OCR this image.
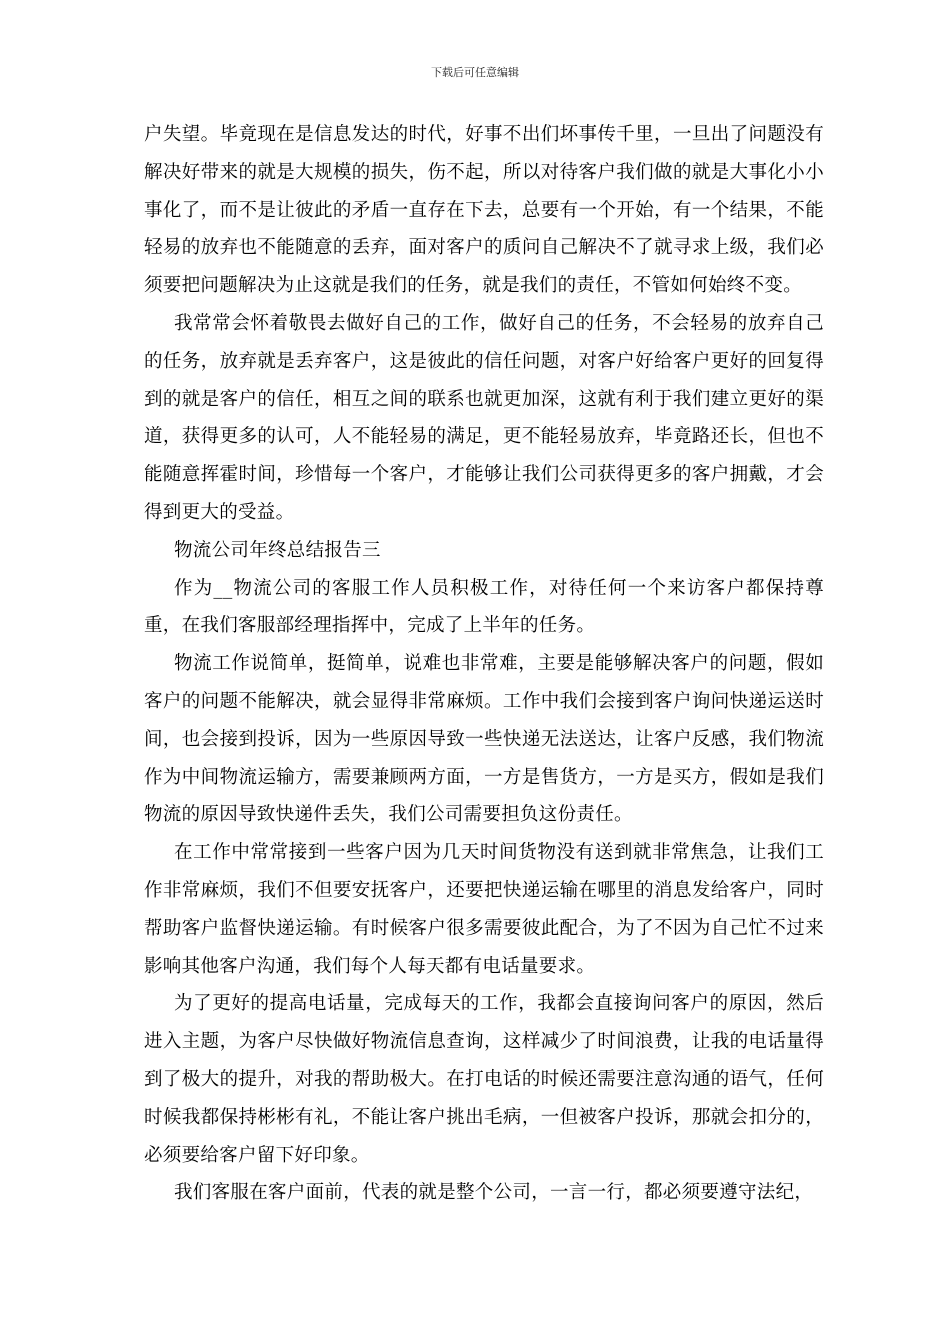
下载后可任意编辑

户失望。毕竟现在是信息发达的时代，好事不出们坏事传千里，一旦出了问题没有解决好带来的就是大规模的损失，伤不起，所以对待客户我们做的就是大事化小小事化了，而不是让彼此的矛盾一直存在下去，总要有一个开始，有一个结果，不能轻易的放弃也不能随意的丢弃，面对客户的质问自己解决不了就寻求上级，我们必须要把问题解决为止这就是我们的任务，就是我们的责任，不管如何始终不变。

我常常会怀着敬畏去做好自己的工作，做好自己的任务，不会轻易的放弃自己的任务，放弃就是丢弃客户，这是彼此的信任问题，对客户好给客户更好的回复得到的就是客户的信任，相互之间的联系也就更加深，这就有利于我们建立更好的渠道，获得更多的认可，人不能轻易的满足，更不能轻易放弃，毕竟路还长，但也不能随意挥霍时间，珍惜每一个客户，才能够让我们公司获得更多的客户拥戴，才会得到更大的受益。

物流公司年终总结报告三

作为__物流公司的客服工作人员积极工作，对待任何一个来访客户都保持尊重，在我们客服部经理指挥中，完成了上半年的任务。

物流工作说简单，挺简单，说难也非常难，主要是能够解决客户的问题，假如客户的问题不能解决，就会显得非常麻烦。工作中我们会接到客户询问快递运送时间，也会接到投诉，因为一些原因导致一些快递无法送达，让客户反感，我们物流作为中间物流运输方，需要兼顾两方面，一方是售货方，一方是买方，假如是我们物流的原因导致快递件丢失，我们公司需要担负这份责任。

在工作中常常接到一些客户因为几天时间货物没有送到就非常焦急，让我们工作非常麻烦，我们不但要安抚客户，还要把快递运输在哪里的消息发给客户，同时帮助客户监督快递运输。有时候客户很多需要彼此配合，为了不因为自己忙不过来影响其他客户沟通，我们每个人每天都有电话量要求。

为了更好的提高电话量，完成每天的工作，我都会直接询问客户的原因，然后进入主题，为客户尽快做好物流信息查询，这样减少了时间浪费，让我的电话量得到了极大的提升，对我的帮助极大。在打电话的时候还需要注意沟通的语气，任何时候我都保持彬彬有礼，不能让客户挑出毛病，一但被客户投诉，那就会扣分的，必须要给客户留下好印象。

我们客服在客户面前，代表的就是整个公司，一言一行，都必须要遵守法纪，
